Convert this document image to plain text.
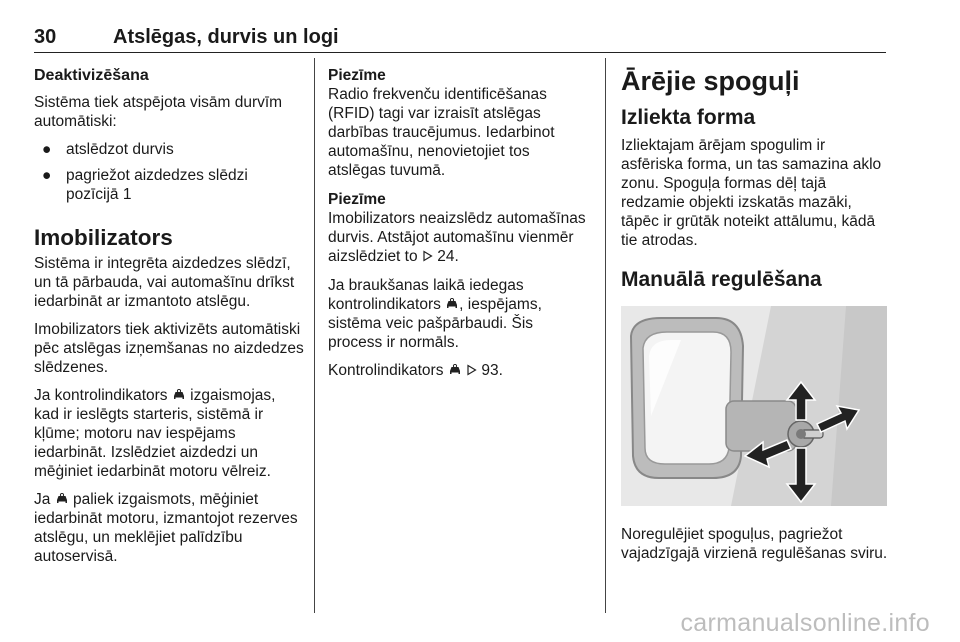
30	Atslēgas, durvis un logi
Deaktivizēšana

Sistēma tiek atspējota visām durvīm automātiski:

● atslēdzot durvis
● pagriežot aizdedzes slēdzi pozīcijā 1
Imobilizators

Sistēma ir integrēta aizdedzes slēdzī, un tā pārbauda, vai automašīnu drīkst iedarbināt ar izmantoto atslēgu.

Imobilizators tiek aktivizēts automātiski pēc atslēgas izņemšanas no aizdedzes slēdzenes.

Ja kontrolindikators izgaismojas, kad ir ieslēgts starteris, sistēmā ir kļūme; motoru nav iespējams iedarbināt. Izslēdziet aizdedzi un mēģiniet iedarbināt motoru vēlreiz.

Ja paliek izgaismots, mēģiniet iedarbināt motoru, izmantojot rezerves atslēgu, un meklējiet palīdzību autoservisā.

Piezīme

Radio frekvenču identificēšanas (RFID) tagi var izraisīt atslēgas darbības traucējumus. Iedarbinot automašīnu, nenovietojiet tos atslēgas tuvumā.

Piezīme

Imobilizators neaizslēdz automašīnas durvis. Atstājot automašīnu vienmēr aizslēdziet to 24.

Ja braukšanas laikā iedegas kontrolindikators , iespējams, sistēma veic pašpārbaudi. Šis process ir normāls.

Kontrolindikators 93.

Ārējie spoguļi
Izliekta forma

Izliektajam ārējam spogulim ir asfēriska forma, un tas samazina aklo zonu. Spoguļa formas dēļ tajā redzamie objekti izskatās mazāki, tāpēc ir grūtāk noteikt attālumu, kādā tie atrodas.

Manuālā regulēšana

Noregulējiet spoguļus, pagriežot vajadzīgajā virzienā regulēšanas sviru.

carmanualsonline.info
